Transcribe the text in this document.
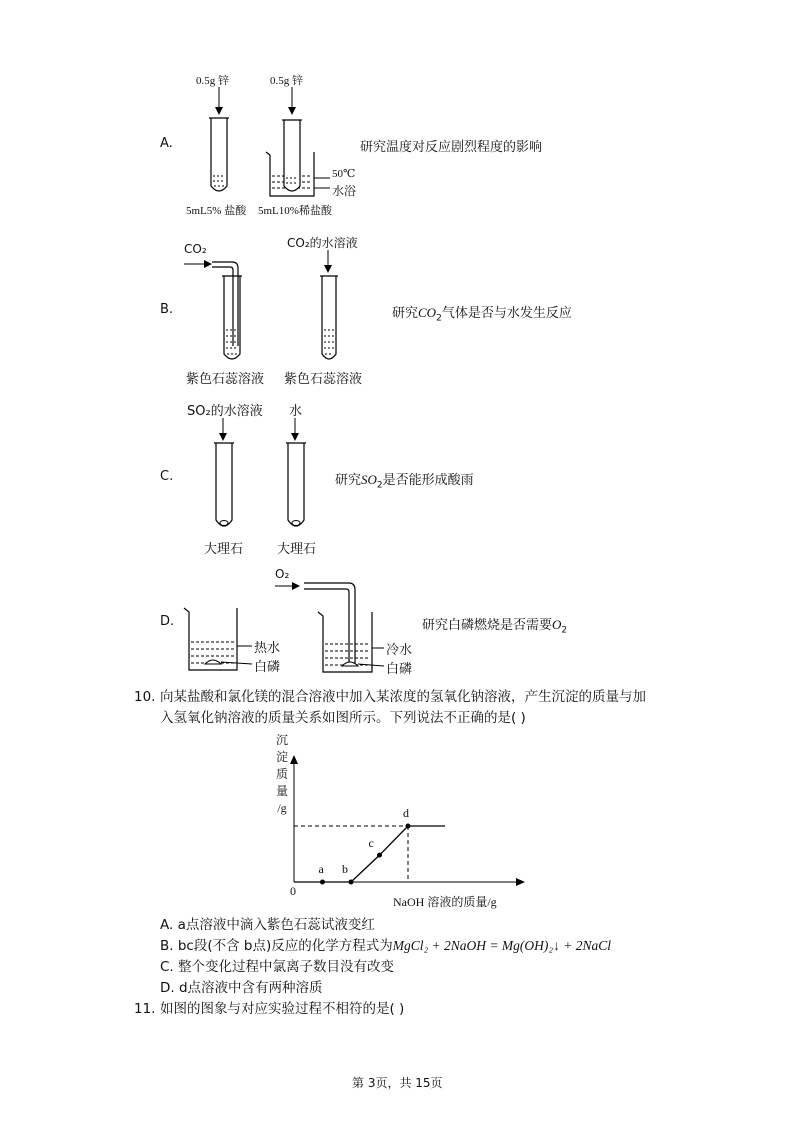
A.
0.5g 锌	0.5g 锌
50℃
水浴
5mL5% 盐酸 5mL10%稀盐酸
研究温度对反应剧烈程度的影响
B.
CO₂	CO₂的水溶液
紫色石蕊溶液 紫色石蕊溶液
研究$CO_2$气体是否与水发生反应
C.
SO₂的水溶液 水
大理石	大理石
研究$SO_2$是否能形成酸雨
D.
O₂
热水
白磷
冷水
白磷
研究白磷燃烧是否需要$O_2$
10. 向某盐酸和氯化镁的混合溶液中加入某浓度的氢氧化钠溶液，产生沉淀的质量与加
入氢氧化钠溶液的质量关系如图所示。下列说法不正确的是( )
沉
淀
质
量
/g
0
NaOH 溶液的质量/g
a b
c
d
A. a点溶液中滴入紫色石蕊试液变红
B. bc段(不含 b点)反应的化学方程式为MgCl₂ + 2NaOH = Mg(OH)₂↓ + 2NaCl
C. 整个变化过程中氯离子数目没有改变
D. d点溶液中含有两种溶质
11. 如图的图象与对应实验过程不相符的是( )
第 3页，共 15页
